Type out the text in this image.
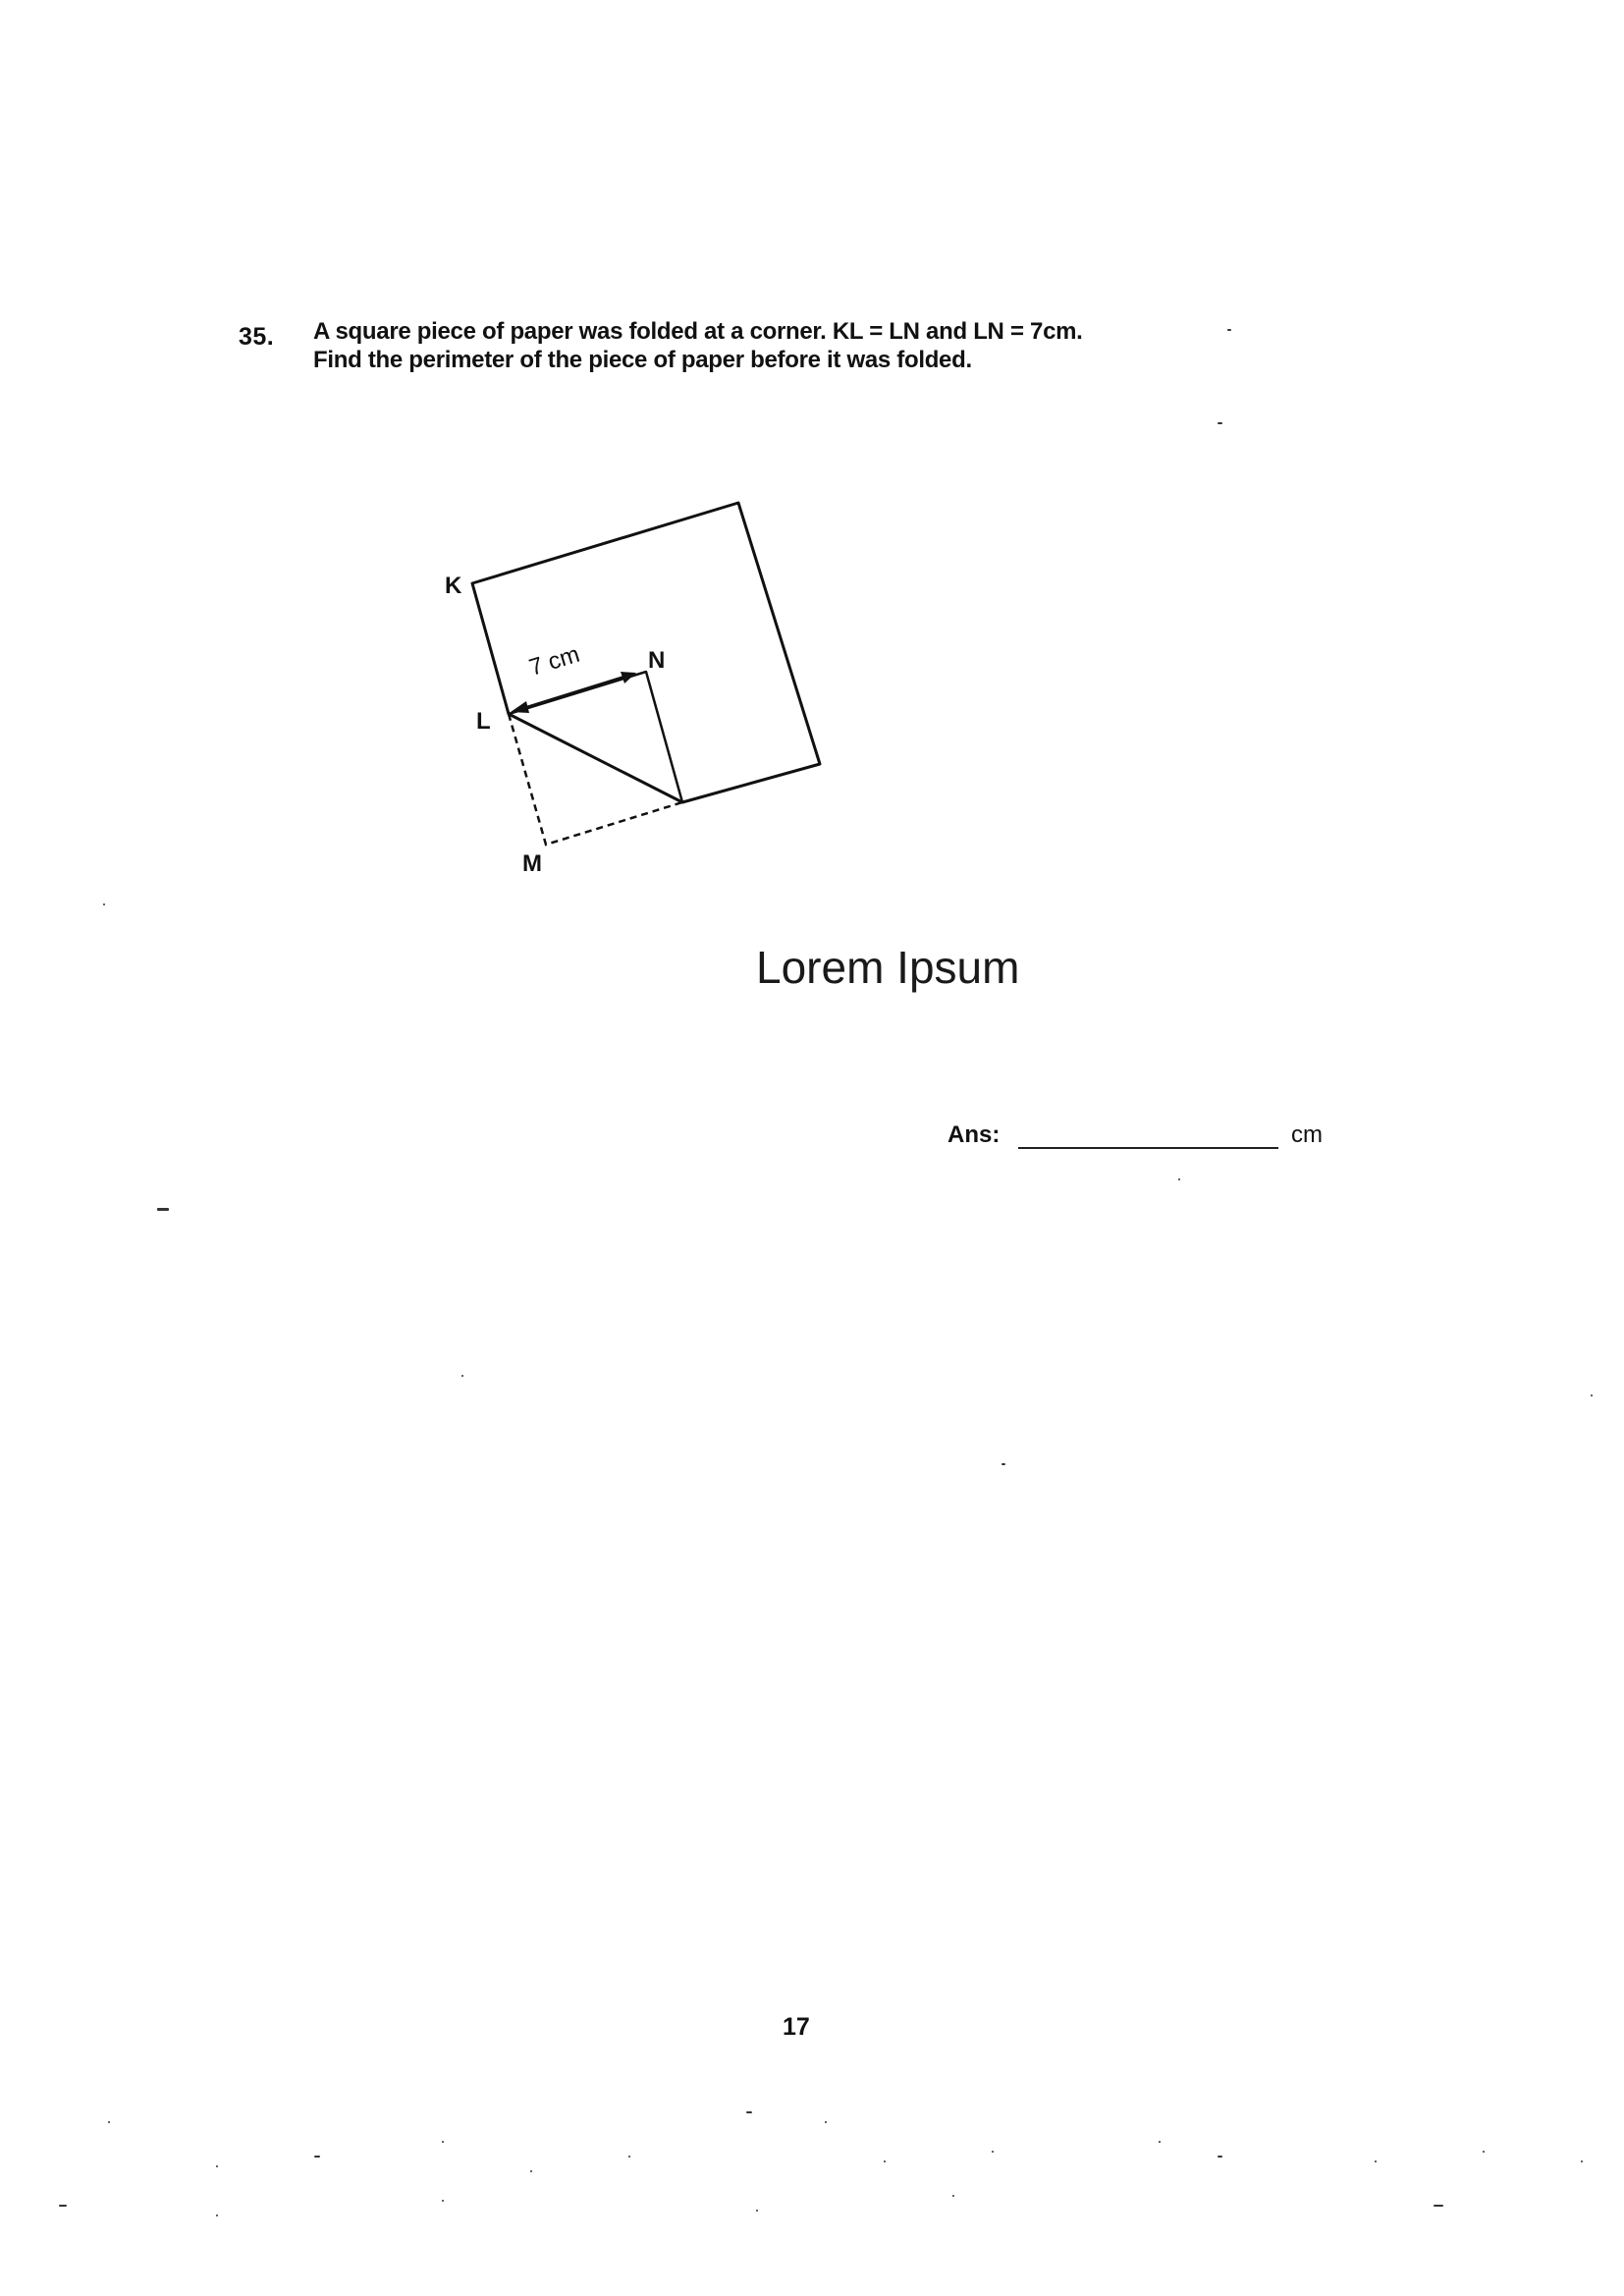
35. A square piece of paper was folded at a corner. KL = LN and LN = 7cm.
Find the perimeter of the piece of paper before it was folded.
7 cm
K
L
M
N
Lorem Ipsum
Ans:	cm
17
